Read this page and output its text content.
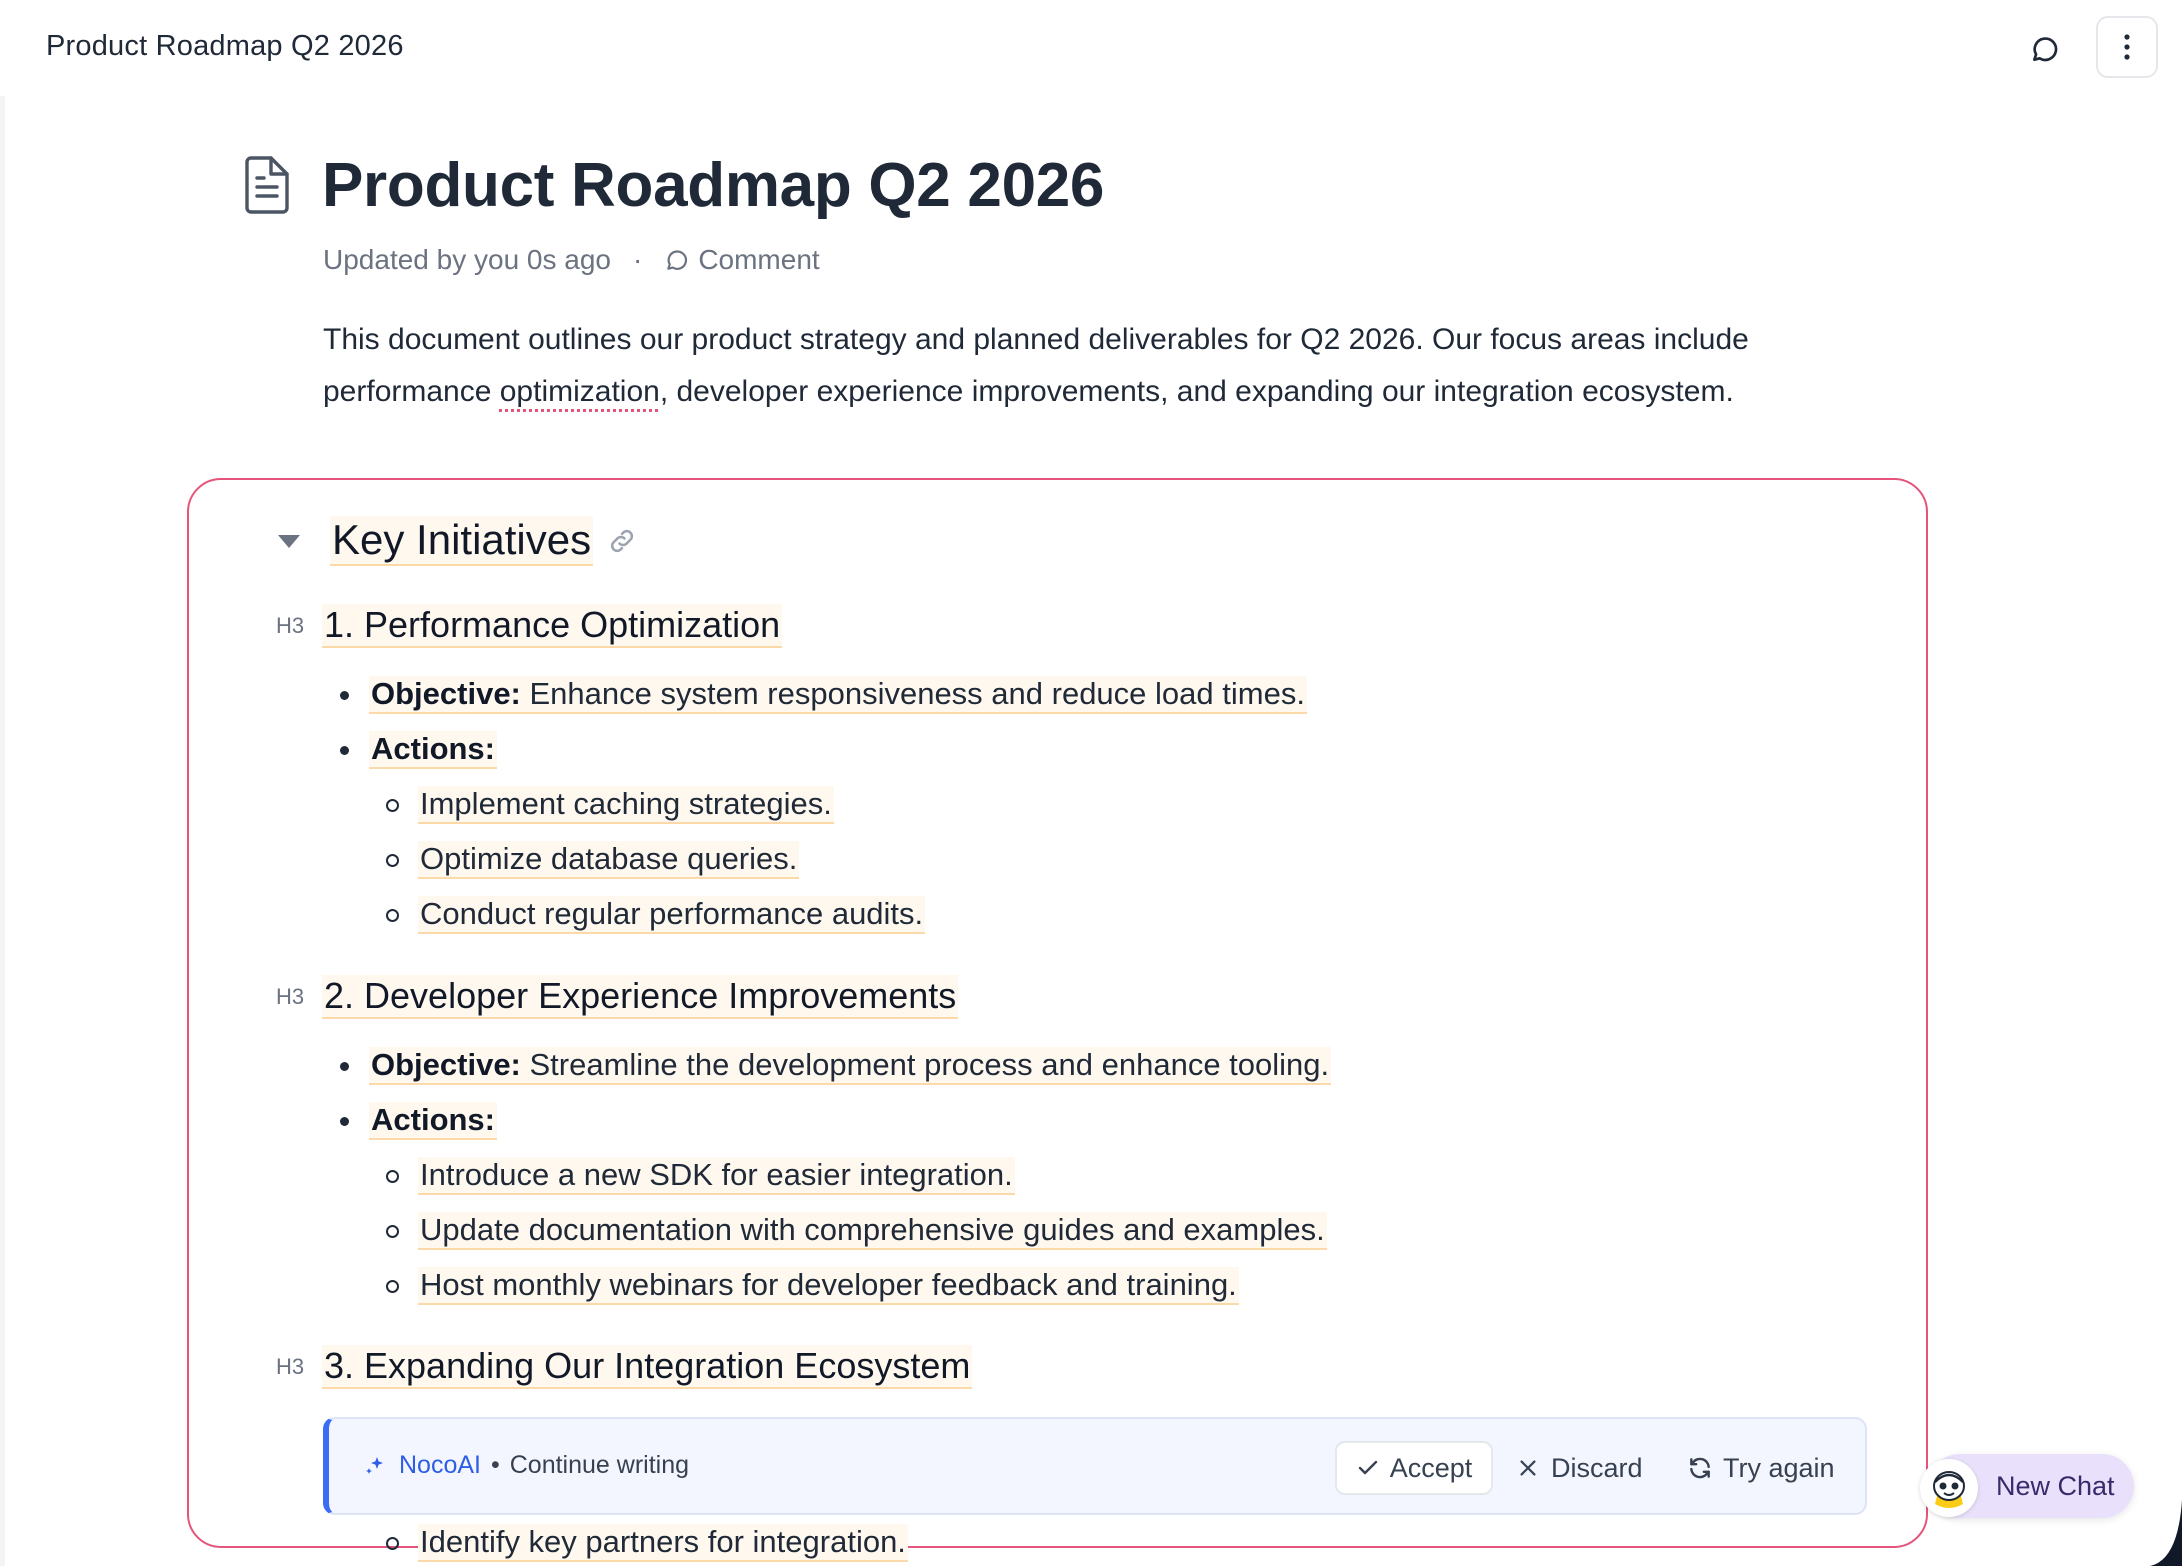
Product Roadmap Q2 2026
Product Roadmap Q2 2026
Updated by you 0s ago · Comment
This document outlines our product strategy and planned deliverables for Q2 2026. Our focus areas include performance optimization, developer experience improvements, and expanding our integration ecosystem.
Key Initiatives
H3 1. Performance Optimization
Objective: Enhance system responsiveness and reduce load times.
Actions:
Implement caching strategies.
Optimize database queries.
Conduct regular performance audits.
H3 2. Developer Experience Improvements
Objective: Streamline the development process and enhance tooling.
Actions:
Introduce a new SDK for easier integration.
Update documentation with comprehensive guides and examples.
Host monthly webinars for developer feedback and training.
H3 3. Expanding Our Integration Ecosystem
Identify key partners for integration.
NocoAI • Continue writing	Accept	Discard	Try again
New Chat
